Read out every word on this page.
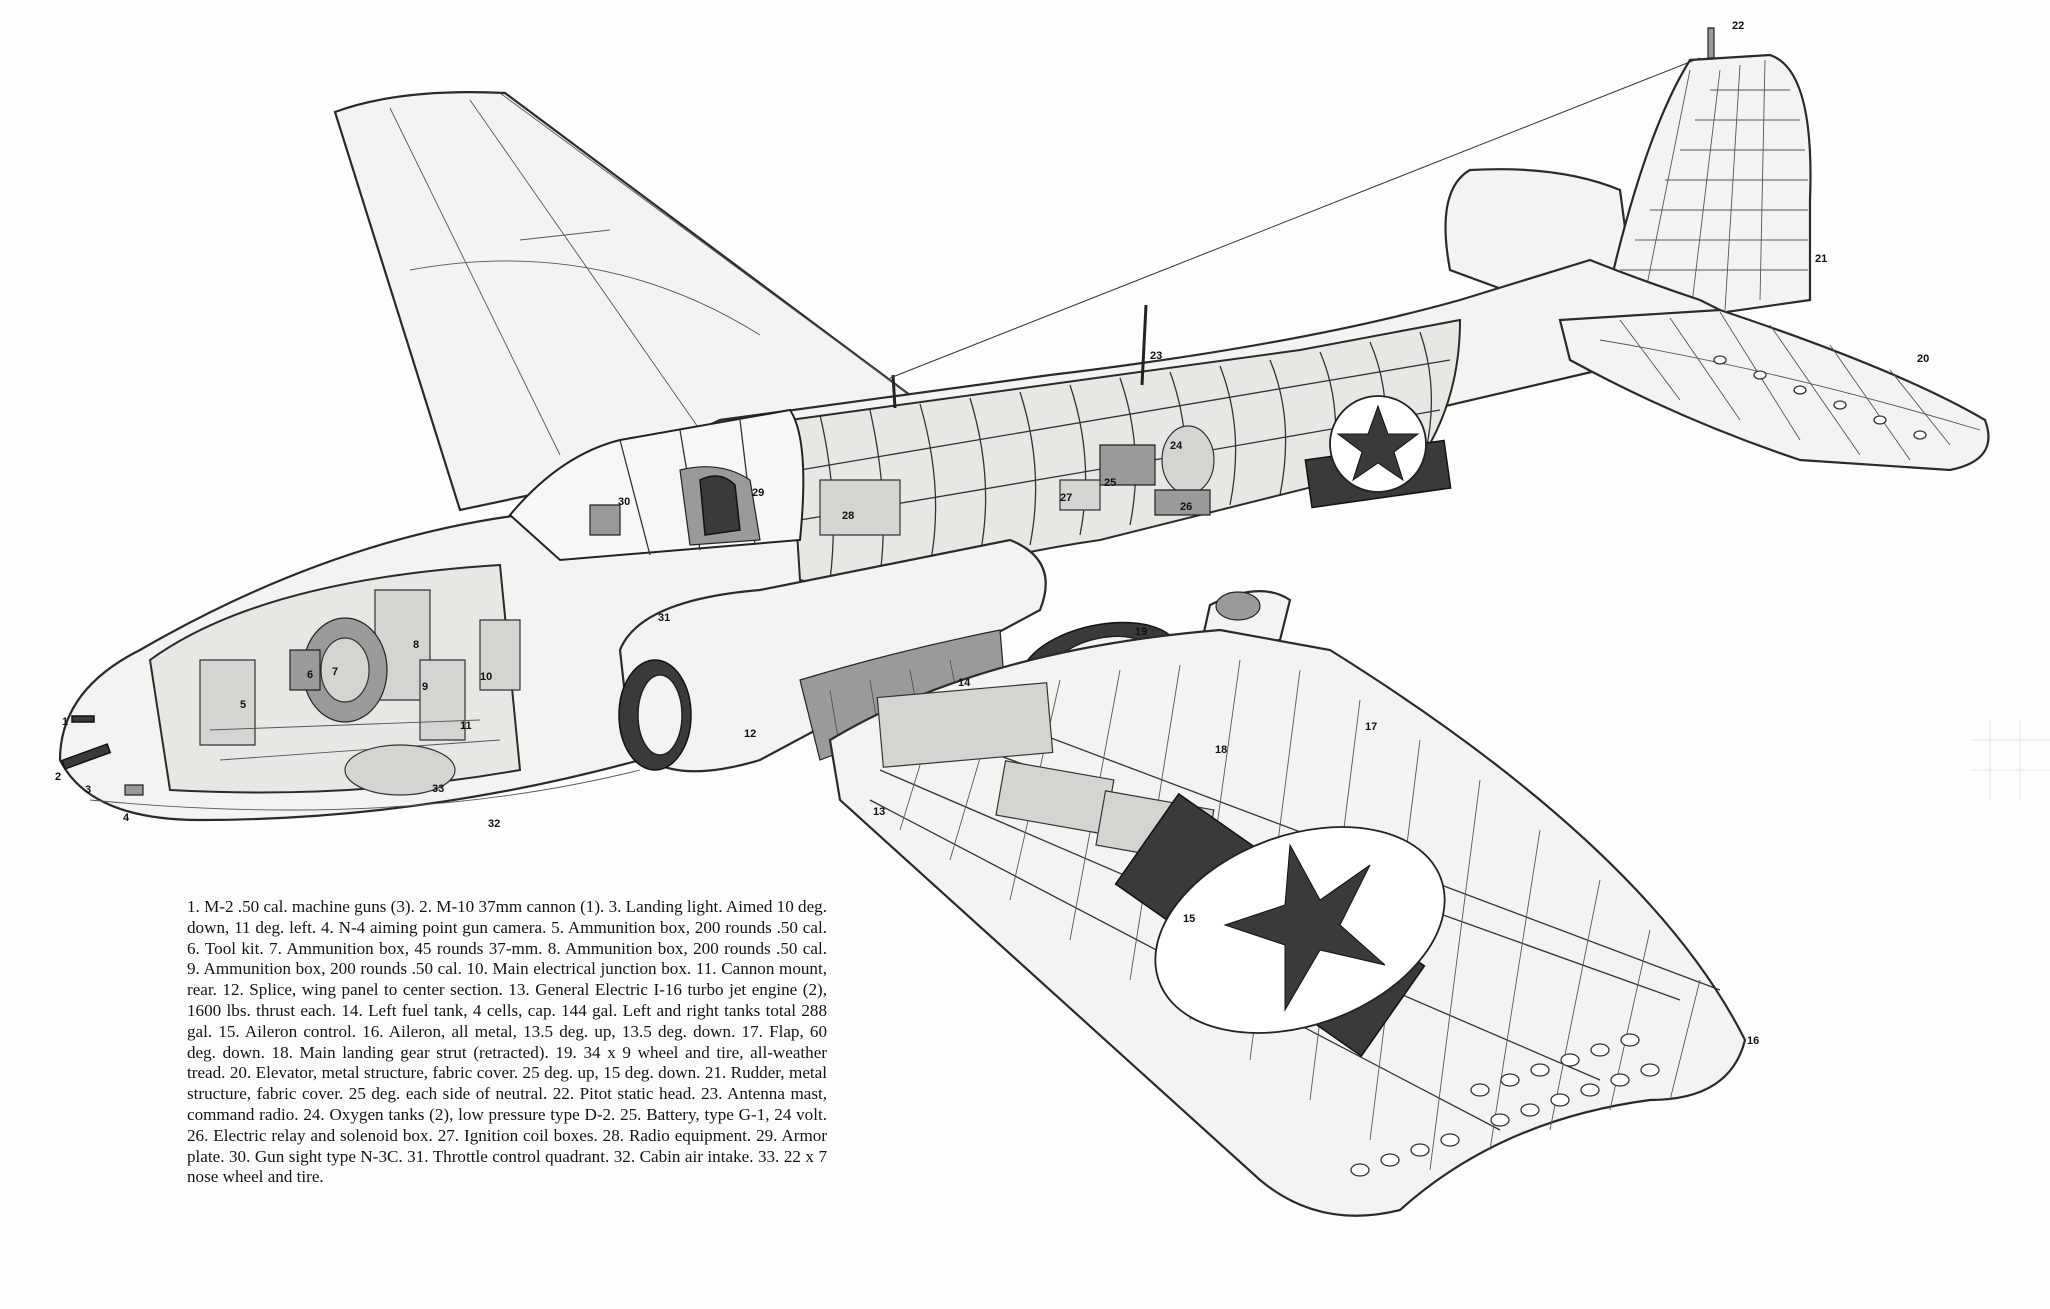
1
2
3
4
5
6 7
8
9
10
11
12
13
14
15
16
17
18
19
20
21
22
23
24
25
26
27
28
29
30
31
32
33

1. M-2 .50 cal. machine guns (3). 2. M-10 37mm cannon (1). 3. Landing light. Aimed 10 deg. down, 11 deg. left. 4. N-4 aiming point gun camera. 5. Ammunition box, 200 rounds .50 cal. 6. Tool kit. 7. Ammunition box, 45 rounds 37-mm. 8. Ammunition box, 200 rounds .50 cal. 9. Ammunition box, 200 rounds .50 cal. 10. Main electrical junction box. 11. Cannon mount, rear. 12. Splice, wing panel to center section. 13. General Electric I-16 turbo jet engine (2), 1600 lbs. thrust each. 14. Left fuel tank, 4 cells, cap. 144 gal. Left and right tanks total 288 gal. 15. Aileron control. 16. Aileron, all metal, 13.5 deg. up, 13.5 deg. down. 17. Flap, 60 deg. down. 18. Main landing gear strut (retracted). 19. 34 x 9 wheel and tire, all-weather tread. 20. Elevator, metal structure, fabric cover. 25 deg. up, 15 deg. down. 21. Rudder, metal structure, fabric cover. 25 deg. each side of neutral. 22. Pitot static head. 23. Antenna mast, command radio. 24. Oxygen tanks (2), low pressure type D-2. 25. Battery, type G-1, 24 volt. 26. Electric relay and solenoid box. 27. Ignition coil boxes. 28. Radio equipment. 29. Armor plate. 30. Gun sight type N-3C. 31. Throttle control quadrant. 32. Cabin air intake. 33. 22 x 7 nose wheel and tire.
